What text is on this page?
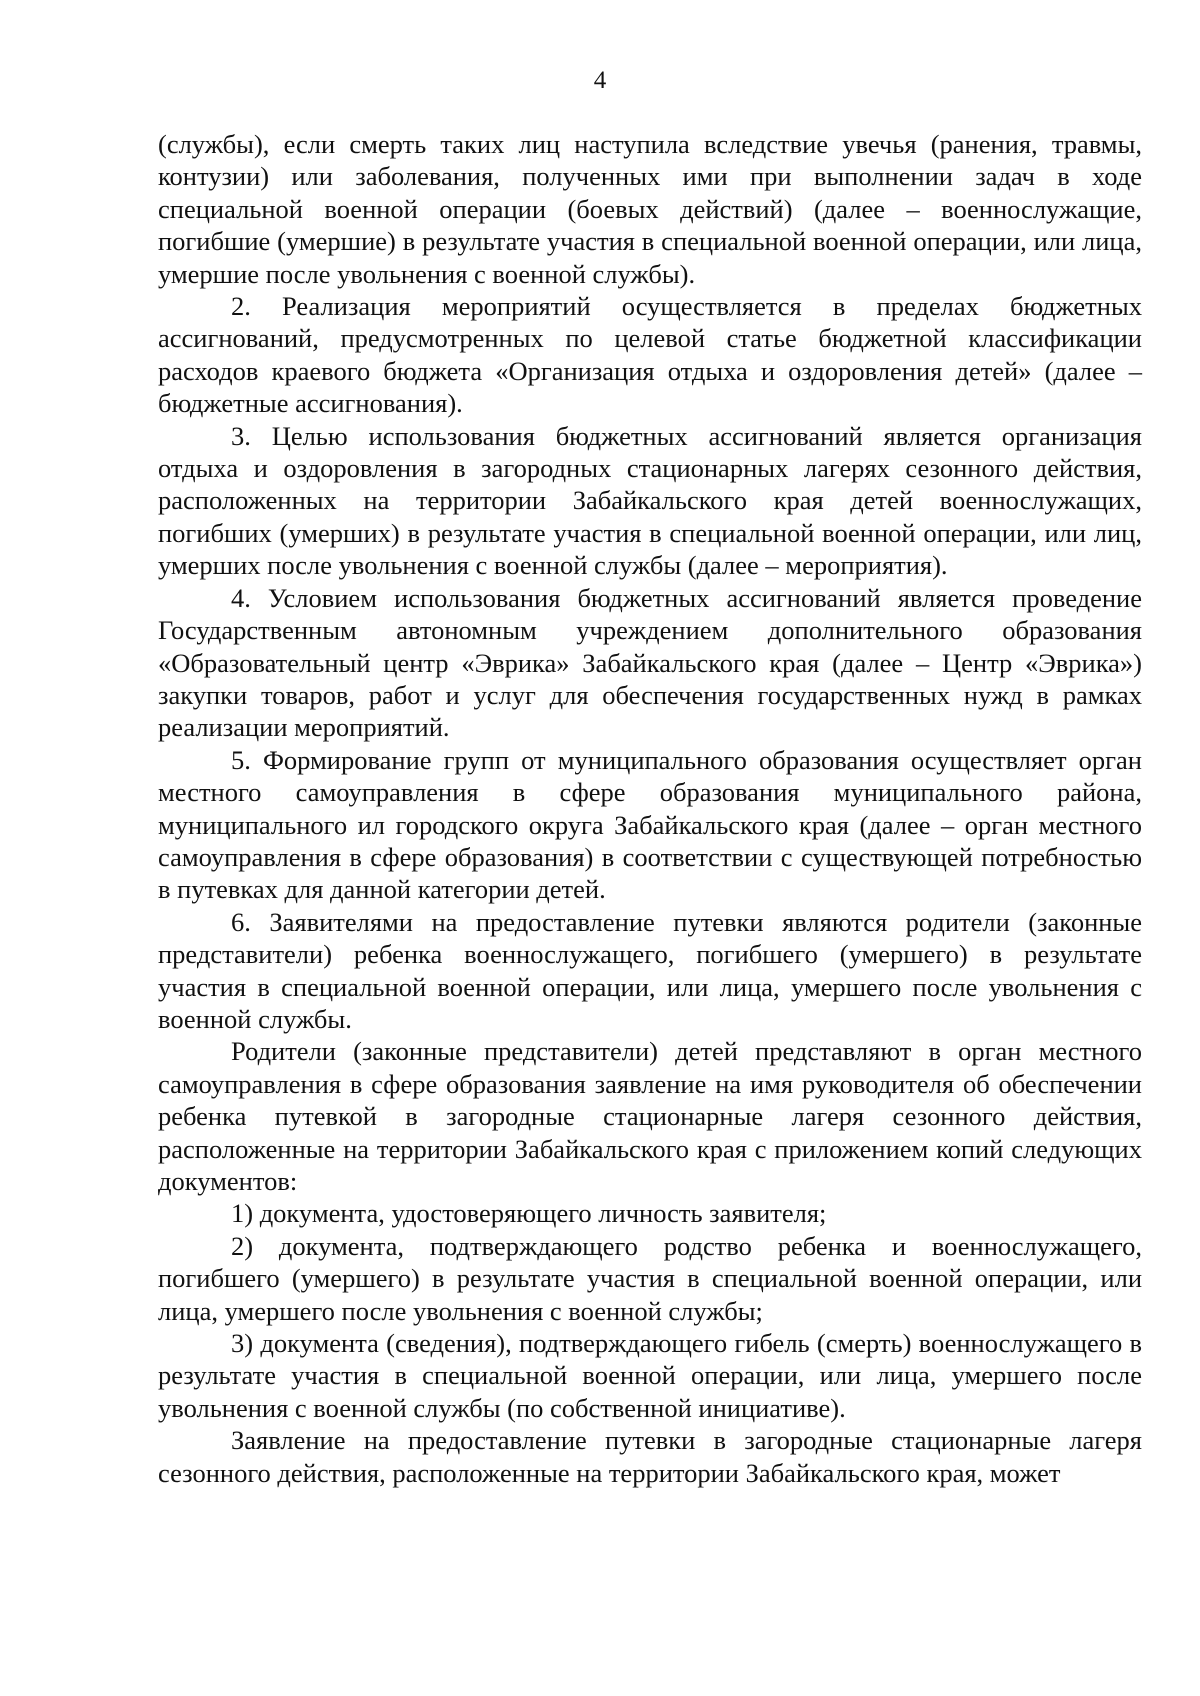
4

(службы), если смерть таких лиц наступила вследствие увечья (ранения, травмы, контузии) или заболевания, полученных ими при выполнении задач в ходе специальной военной операции (боевых действий) (далее – военнослужащие, погибшие (умершие) в результате участия в специальной военной операции, или лица, умершие после увольнения с военной службы).

2. Реализация мероприятий осуществляется в пределах бюджетных ассигнований, предусмотренных по целевой статье бюджетной классификации расходов краевого бюджета «Организация отдыха и оздоровления детей» (далее – бюджетные ассигнования).

3. Целью использования бюджетных ассигнований является организация отдыха и оздоровления в загородных стационарных лагерях сезонного действия, расположенных на территории Забайкальского края детей военнослужащих, погибших (умерших) в результате участия в специальной военной операции, или лиц, умерших после увольнения с военной службы (далее – мероприятия).

4. Условием использования бюджетных ассигнований является проведение Государственным автономным учреждением дополнительного образования «Образовательный центр «Эврика» Забайкальского края (далее – Центр «Эврика») закупки товаров, работ и услуг для обеспечения государственных нужд в рамках реализации мероприятий.

5. Формирование групп от муниципального образования осуществляет орган местного самоуправления в сфере образования муниципального района, муниципального ил городского округа Забайкальского края (далее – орган местного самоуправления в сфере образования) в соответствии с существующей потребностью в путевках для данной категории детей.

6. Заявителями на предоставление путевки являются родители (законные представители) ребенка военнослужащего, погибшего (умершего) в результате участия в специальной военной операции, или лица, умершего после увольнения с военной службы.

Родители (законные представители) детей представляют в орган местного самоуправления в сфере образования заявление на имя руководителя об обеспечении ребенка путевкой в загородные стационарные лагеря сезонного действия, расположенные на территории Забайкальского края с приложением копий следующих документов:

1) документа, удостоверяющего личность заявителя;

2) документа, подтверждающего родство ребенка и военнослужащего, погибшего (умершего) в результате участия в специальной военной операции, или лица, умершего после увольнения с военной службы;

3) документа (сведения), подтверждающего гибель (смерть) военнослужащего в результате участия в специальной военной операции, или лица, умершего после увольнения с военной службы (по собственной инициативе).

Заявление на предоставление путевки в загородные стационарные лагеря сезонного действия, расположенные на территории Забайкальского края, может
